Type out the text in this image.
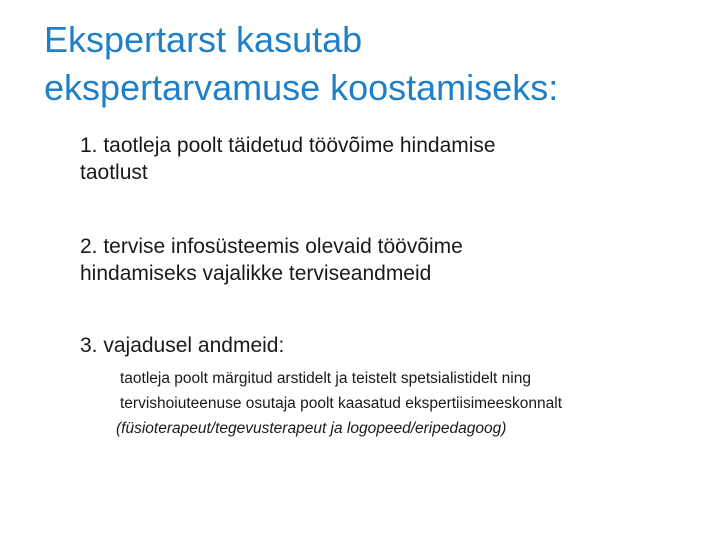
Ekspertarst kasutab
ekspertarvamuse koostamiseks:
1. taotleja poolt täidetud töövõime hindamise
taotlust
2. tervise infosüsteemis olevaid töövõime
hindamiseks vajalikke terviseandmeid
3. vajadusel andmeid:
taotleja poolt märgitud arstidelt ja teistelt spetsialistidelt ning
tervishoiuteenuse osutaja poolt kaasatud ekspertiisimeeskonnalt
(füsioterapeut/tegevusterapeut ja logopeed/eripedagoog)
